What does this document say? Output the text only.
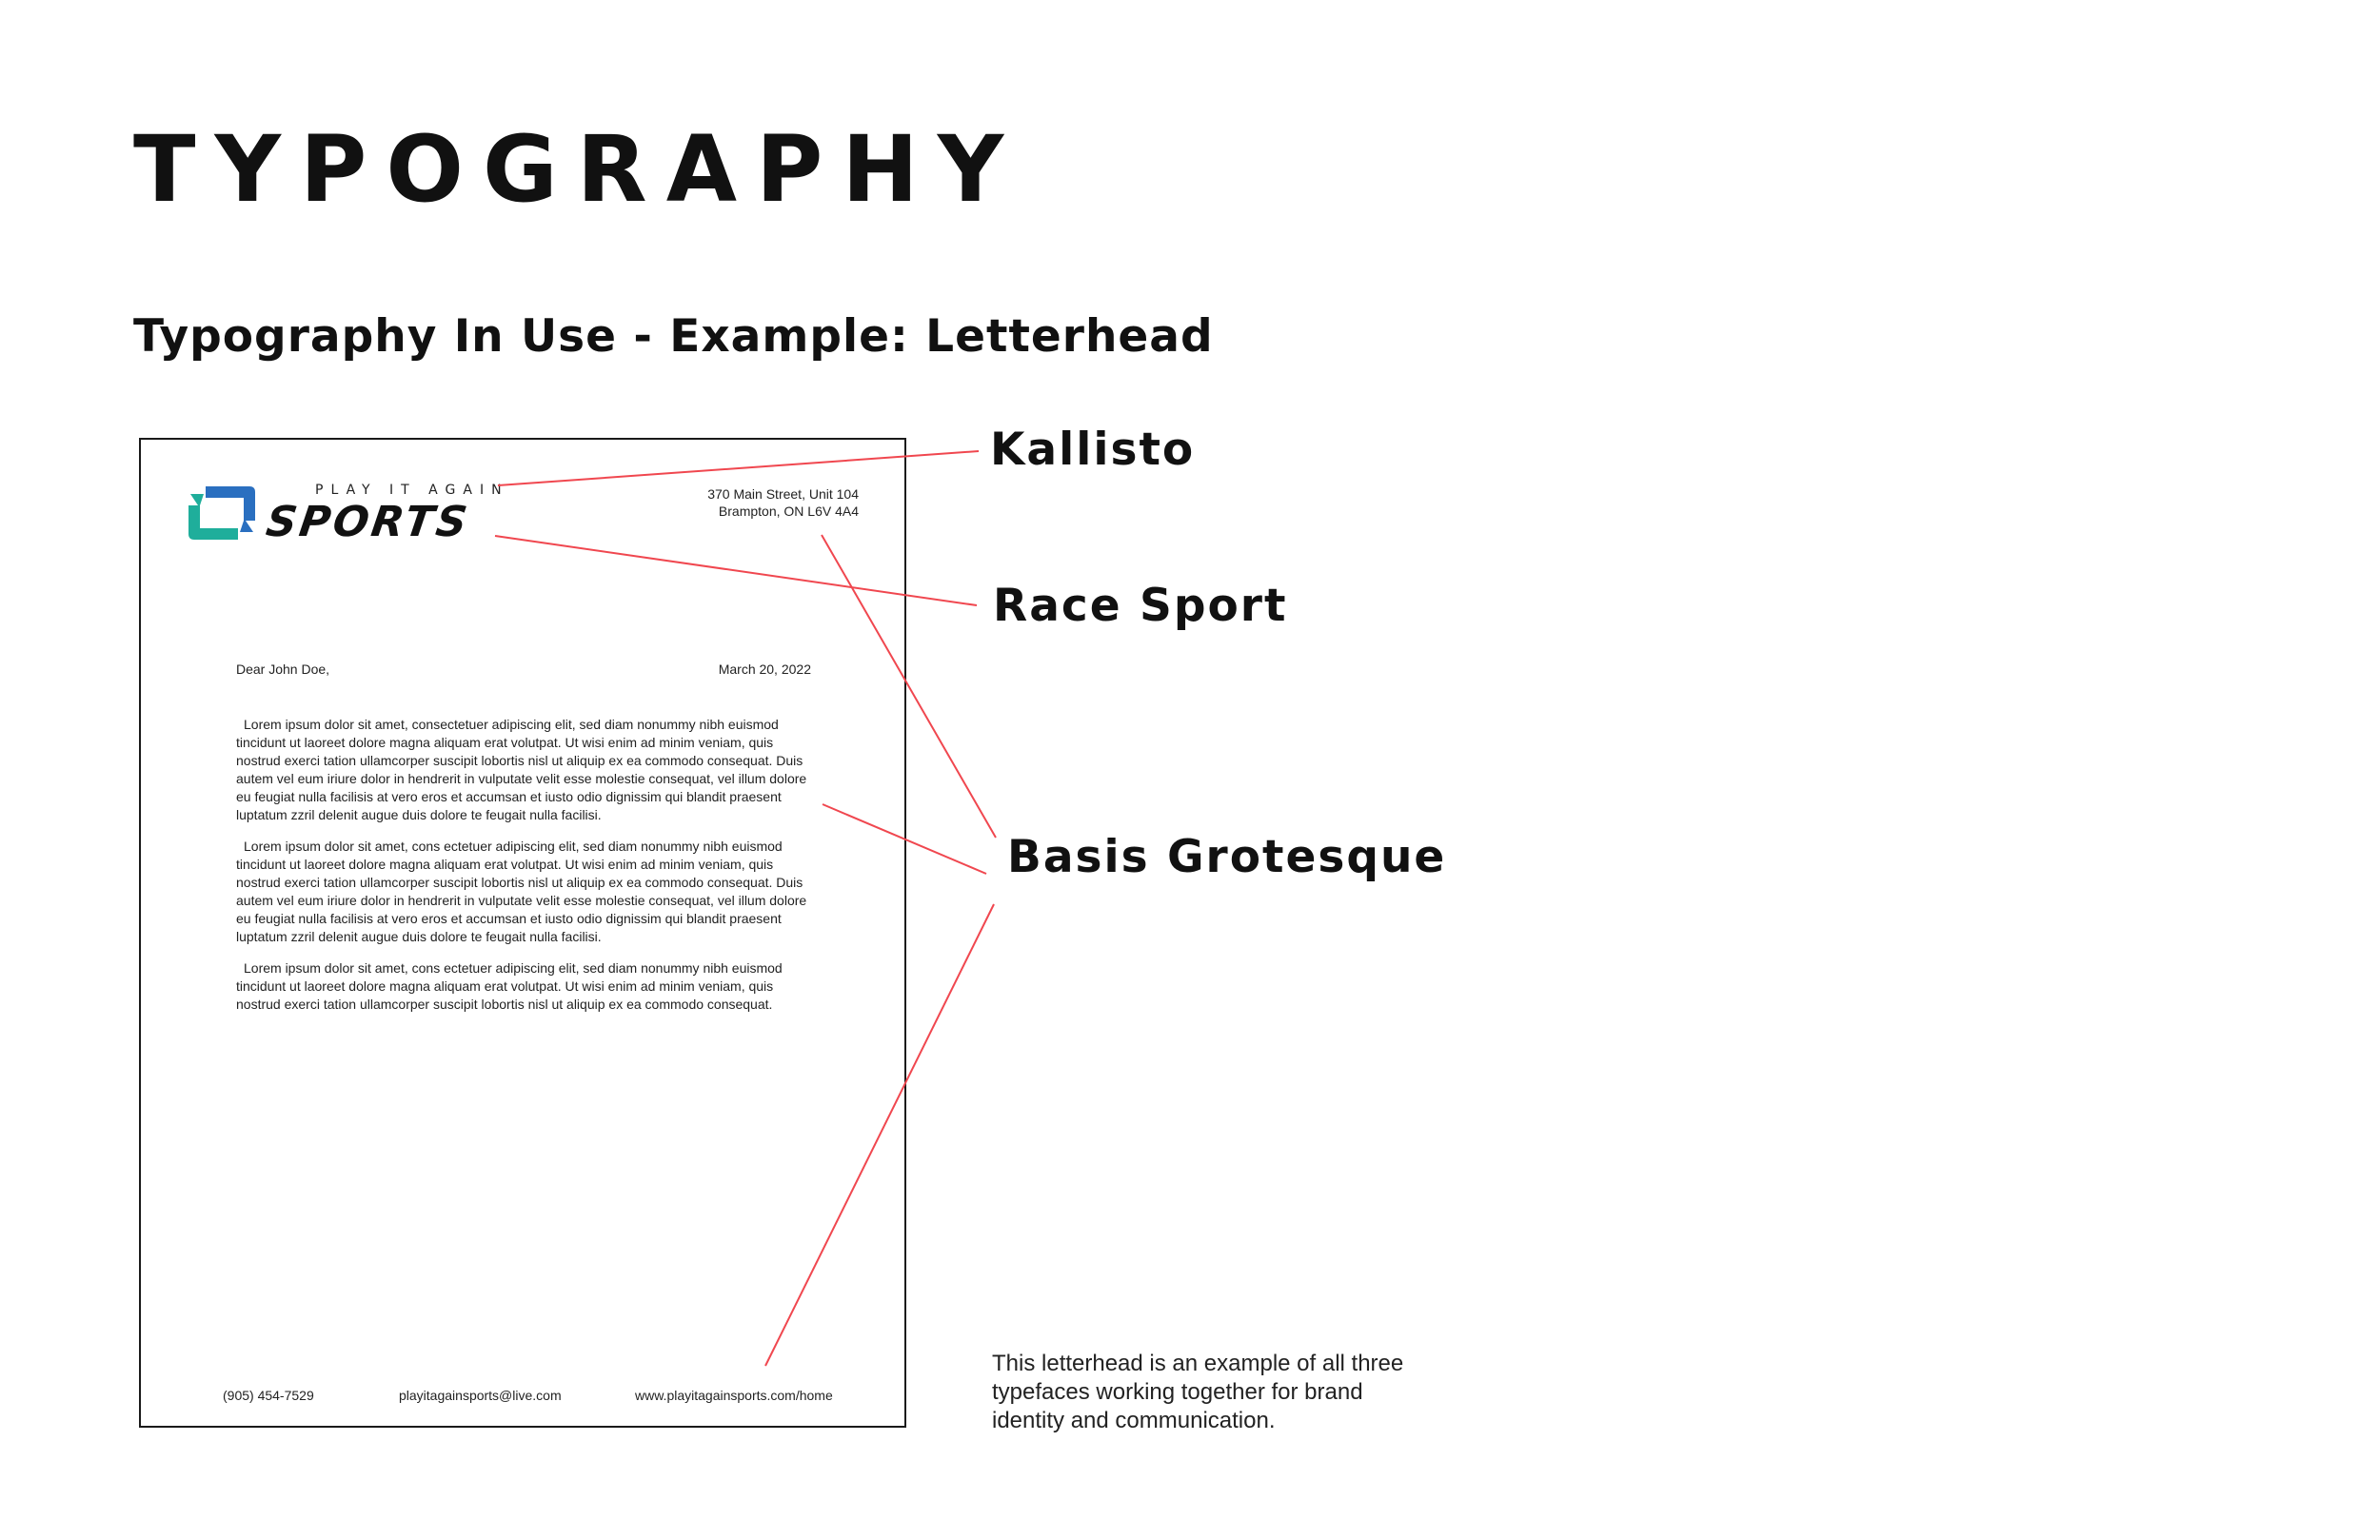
TYPOGRAPHY
Typography In Use - Example: Letterhead
PLAY IT AGAIN
SPORTS
370 Main Street, Unit 104
Brampton, ON L6V 4A4
Dear John Doe,	March 20, 2022

Lorem ipsum dolor sit amet, consectetuer adipiscing elit, sed diam nonummy nibh euismod tincidunt ut laoreet dolore magna aliquam erat volutpat. Ut wisi enim ad minim veniam, quis nostrud exerci tation ullamcorper suscipit lobortis nisl ut aliquip ex ea commodo consequat. Duis autem vel eum iriure dolor in hendrerit in vulputate velit esse molestie consequat, vel illum dolore eu feugiat nulla facilisis at vero eros et accumsan et iusto odio dignissim qui blandit praesent luptatum zzril delenit augue duis dolore te feugait nulla facilisi.

Lorem ipsum dolor sit amet, cons ectetuer adipiscing elit, sed diam nonummy nibh euismod tincidunt ut laoreet dolore magna aliquam erat volutpat. Ut wisi enim ad minim veniam, quis nostrud exerci tation ullamcorper suscipit lobortis nisl ut aliquip ex ea commodo consequat. Duis autem vel eum iriure dolor in hendrerit in vulputate velit esse molestie consequat, vel illum dolore eu feugiat nulla facilisis at vero eros et accumsan et iusto odio dignissim qui blandit praesent luptatum zzril delenit augue duis dolore te feugait nulla facilisi.

Lorem ipsum dolor sit amet, cons ectetuer adipiscing elit, sed diam nonummy nibh euismod tincidunt ut laoreet dolore magna aliquam erat volutpat. Ut wisi enim ad minim veniam, quis nostrud exerci tation ullamcorper suscipit lobortis nisl ut aliquip ex ea commodo consequat.

(905) 454-7529	playitagainsports@live.com	www.playitagainsports.com/home
Kallisto
Race Sport
Basis Grotesque
This letterhead is an example of all three typefaces working together for brand identity and communication.
